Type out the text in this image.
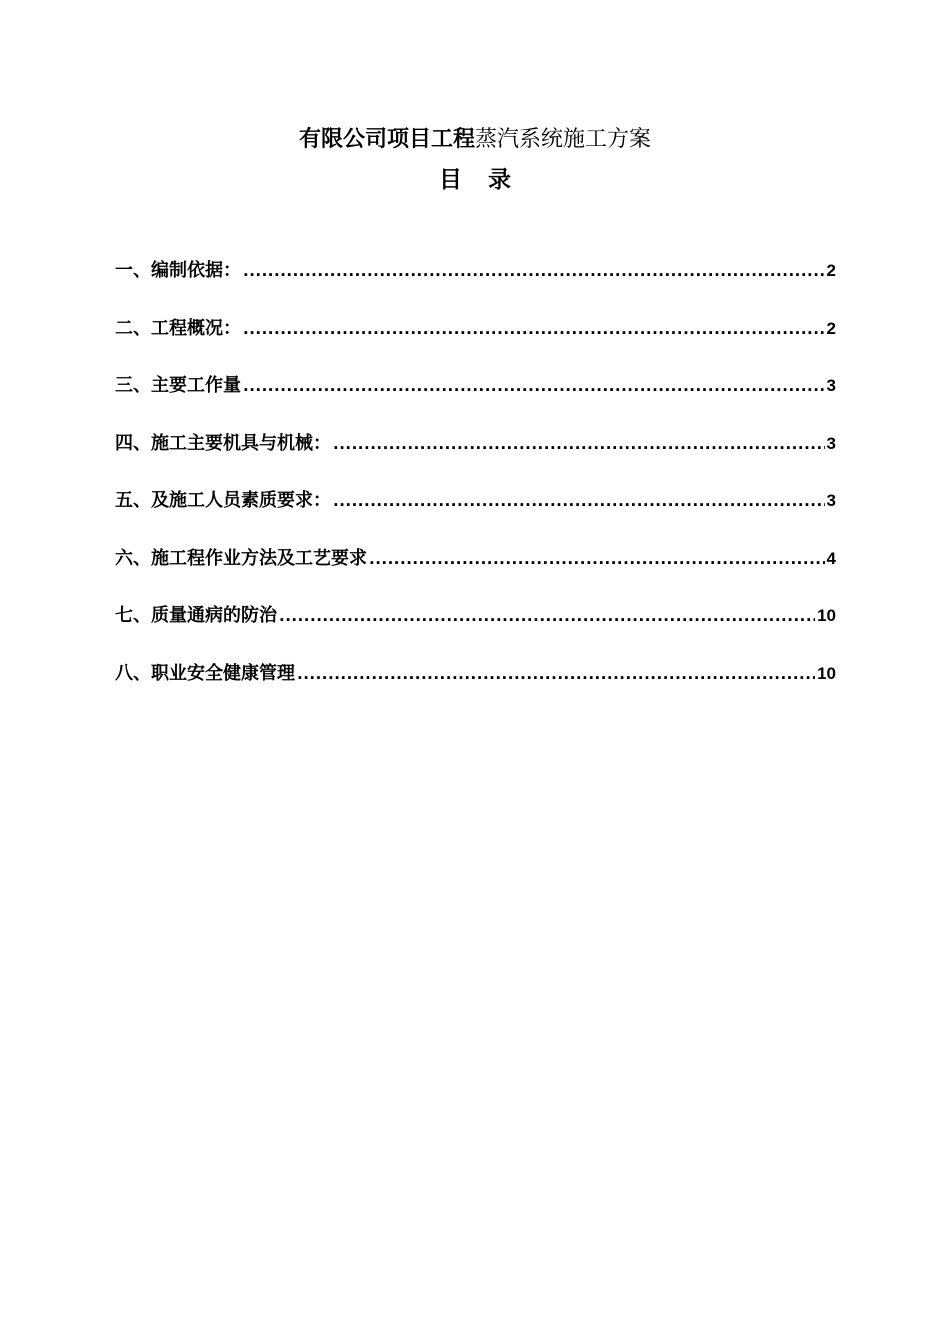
有限公司项目工程蒸汽系统施工方案
目录
一、编制依据： .....	2
二、工程概况： .....	2
三、主要工作量 .....	3
四、施工主要机具与机械： .....	3
五、及施工人员素质要求： .....	3
六、施工程作业方法及工艺要求 .....	4
七、质量通病的防治 .....	10
八、职业安全健康管理 .....	10
